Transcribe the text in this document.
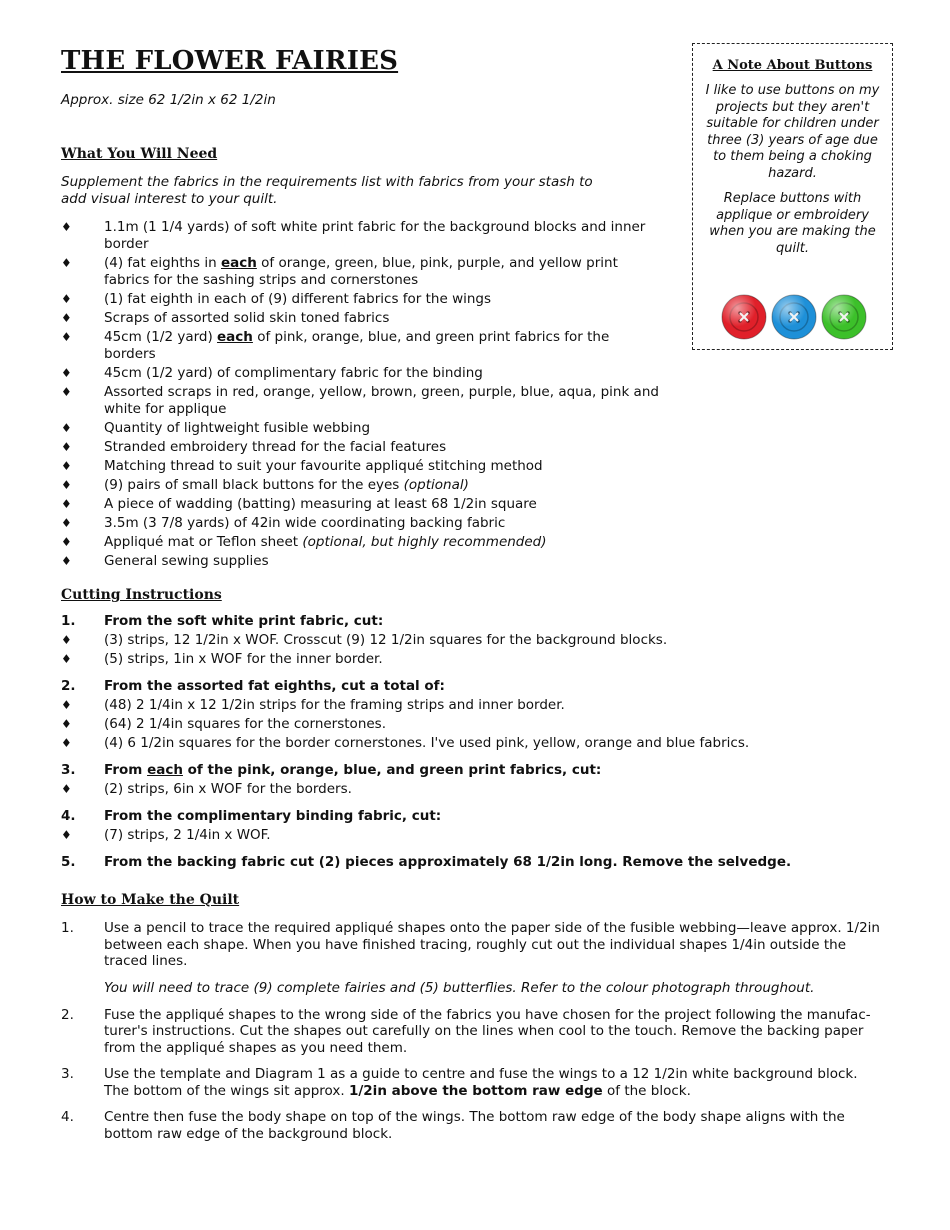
THE FLOWER FAIRIES
Approx. size 62 1/2in x 62 1/2in
What You Will Need
Supplement the fabrics in the requirements list with fabrics from your stash to add visual interest to your quilt.
♦ 1.1m (1 1/4 yards) of soft white print fabric for the background blocks and inner border
♦ (4) fat eighths in each of orange, green, blue, pink, purple, and yellow print fabrics for the sashing strips and cornerstones
♦ (1) fat eighth in each of (9) different fabrics for the wings
♦ Scraps of assorted solid skin toned fabrics
♦ 45cm (1/2 yard) each of pink, orange, blue, and green print fabrics for the borders
♦ 45cm (1/2 yard) of complimentary fabric for the binding
♦ Assorted scraps in red, orange, yellow, brown, green, purple, blue, aqua, pink and white for applique
♦ Quantity of lightweight fusible webbing
♦ Stranded embroidery thread for the facial features
♦ Matching thread to suit your favourite appliqué stitching method
♦ (9) pairs of small black buttons for the eyes (optional)
♦ A piece of wadding (batting) measuring at least 68 1/2in square
♦ 3.5m (3 7/8 yards) of 42in wide coordinating backing fabric
♦ Appliqué mat or Teflon sheet (optional, but highly recommended)
♦ General sewing supplies
Cutting Instructions
1. From the soft white print fabric, cut:
♦ (3) strips, 12 1/2in x WOF. Crosscut (9) 12 1/2in squares for the background blocks.
♦ (5) strips, 1in x WOF for the inner border.
2. From the assorted fat eighths, cut a total of:
♦ (48) 2 1/4in x 12 1/2in strips for the framing strips and inner border.
♦ (64) 2 1/4in squares for the cornerstones.
♦ (4) 6 1/2in squares for the border cornerstones. I've used pink, yellow, orange and blue fabrics.
3. From each of the pink, orange, blue, and green print fabrics, cut:
♦ (2) strips, 6in x WOF for the borders.
4. From the complimentary binding fabric, cut:
♦ (7) strips, 2 1/4in x WOF.
5. From the backing fabric cut (2) pieces approximately 68 1/2in long. Remove the selvedge.
How to Make the Quilt
1. Use a pencil to trace the required appliqué shapes onto the paper side of the fusible webbing—leave approx. 1/2in between each shape. When you have finished tracing, roughly cut out the individual shapes 1/4in outside the traced lines.
You will need to trace (9) complete fairies and (5) butterflies. Refer to the colour photograph throughout.
2. Fuse the appliqué shapes to the wrong side of the fabrics you have chosen for the project following the manufacturer's instructions. Cut the shapes out carefully on the lines when cool to the touch. Remove the backing paper from the appliqué shapes as you need them.
3. Use the template and Diagram 1 as a guide to centre and fuse the wings to a 12 1/2in white background block. The bottom of the wings sit approx. 1/2in above the bottom raw edge of the block.
4. Centre then fuse the body shape on top of the wings. The bottom raw edge of the body shape aligns with the bottom raw edge of the background block.
A Note About Buttons

I like to use buttons on my projects but they aren't suitable for children under three (3) years of age due to them being a choking hazard.

Replace buttons with applique or embroidery when you are making the quilt.
